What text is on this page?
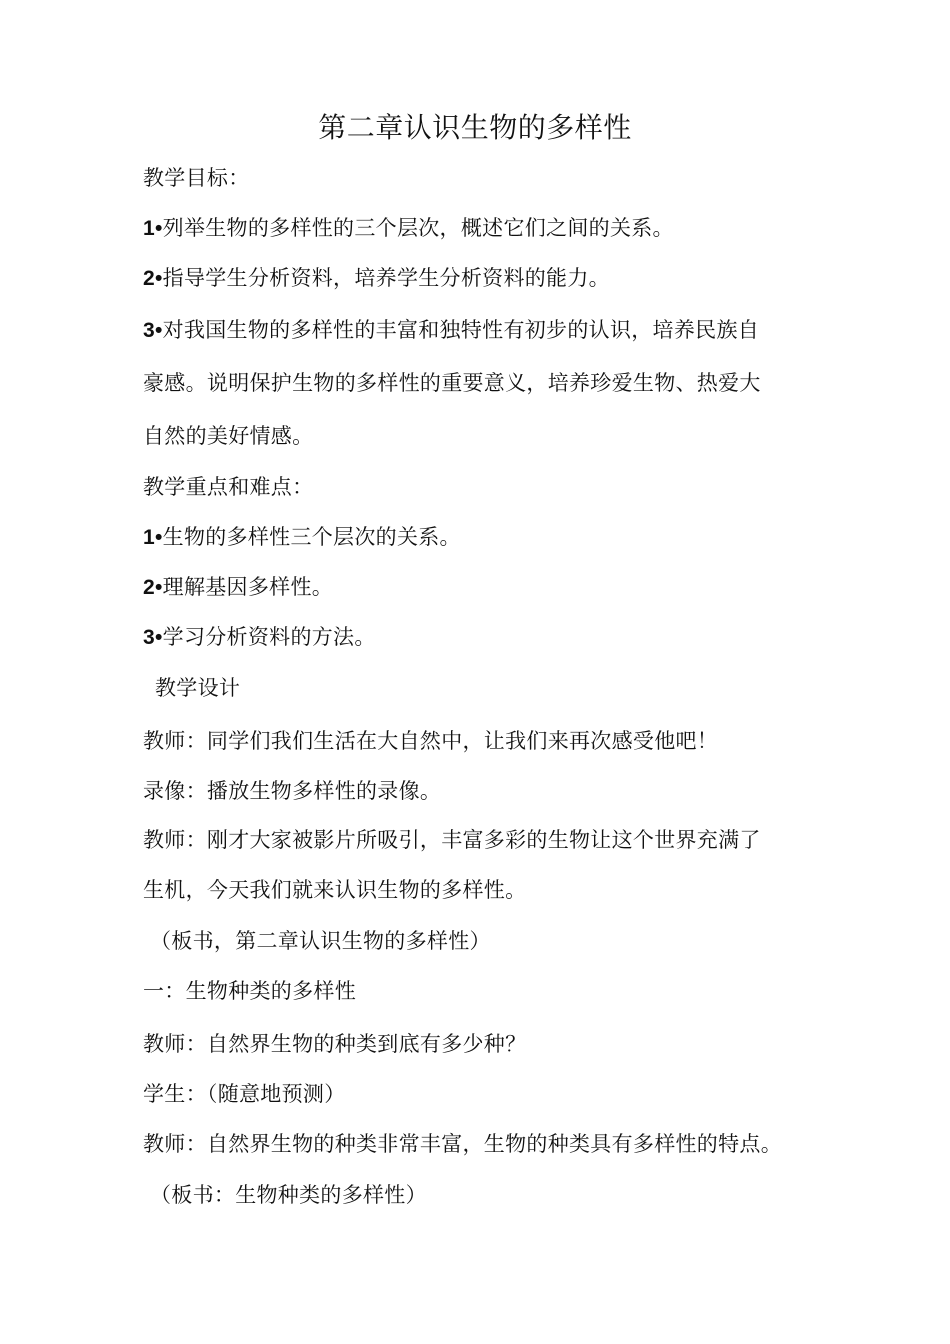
第二章认识生物的多样性
教学目标：
1•列举生物的多样性的三个层次，概述它们之间的关系。
2•指导学生分析资料，培养学生分析资料的能力。
3•对我国生物的多样性的丰富和独特性有初步的认识，培养民族自
豪感。说明保护生物的多样性的重要意义，培养珍爱生物、热爱大
自然的美好情感。
教学重点和难点：
1•生物的多样性三个层次的关系。
2•理解基因多样性。
3•学习分析资料的方法。
教学设计
教师：同学们我们生活在大自然中，让我们来再次感受他吧！
录像：播放生物多样性的录像。
教师：刚才大家被影片所吸引，丰富多彩的生物让这个世界充满了
生机，今天我们就来认识生物的多样性。
（板书，第二章认识生物的多样性）
一：生物种类的多样性
教师：自然界生物的种类到底有多少种？
学生：（随意地预测）
教师：自然界生物的种类非常丰富，生物的种类具有多样性的特点。
（板书：生物种类的多样性）
